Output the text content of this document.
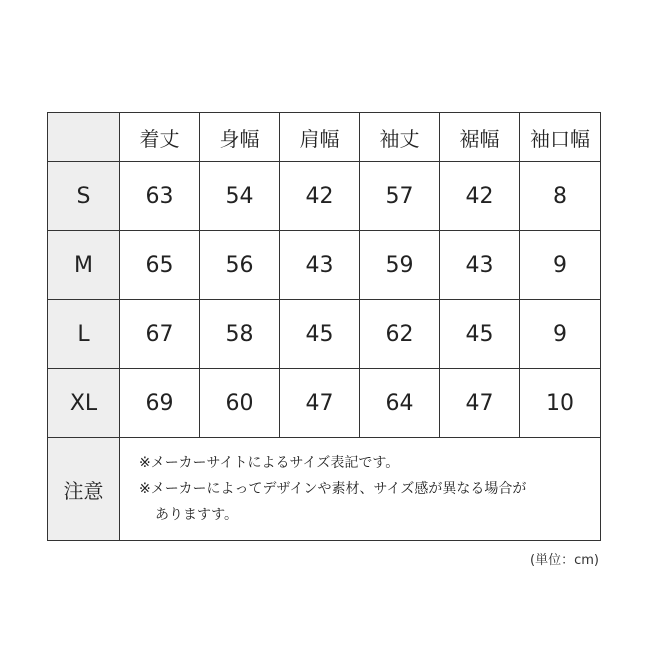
	着丈	身幅	肩幅	袖丈	裾幅	袖口幅
S	63	54	42	57	42	8
M	65	56	43	59	43	9
L	67	58	45	62	45	9
XL	69	60	47	64	47	10
注意	※メーカーサイトによるサイズ表記です。
※メーカーによってデザインや素材、サイズ感が異なる場合が
ありますす。					
(単位：cm)
